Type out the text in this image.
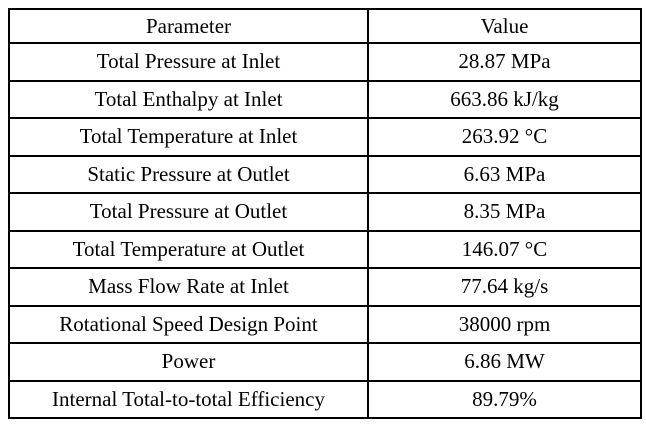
Parameter	Value
Total Pressure at Inlet	28.87 MPa
Total Enthalpy at Inlet	663.86 kJ/kg
Total Temperature at Inlet	263.92 °C
Static Pressure at Outlet	6.63 MPa
Total Pressure at Outlet	8.35 MPa
Total Temperature at Outlet	146.07 °C
Mass Flow Rate at Inlet	77.64 kg/s
Rotational Speed Design Point	38000 rpm
Power	6.86 MW
Internal Total-to-total Efficiency	89.79%
